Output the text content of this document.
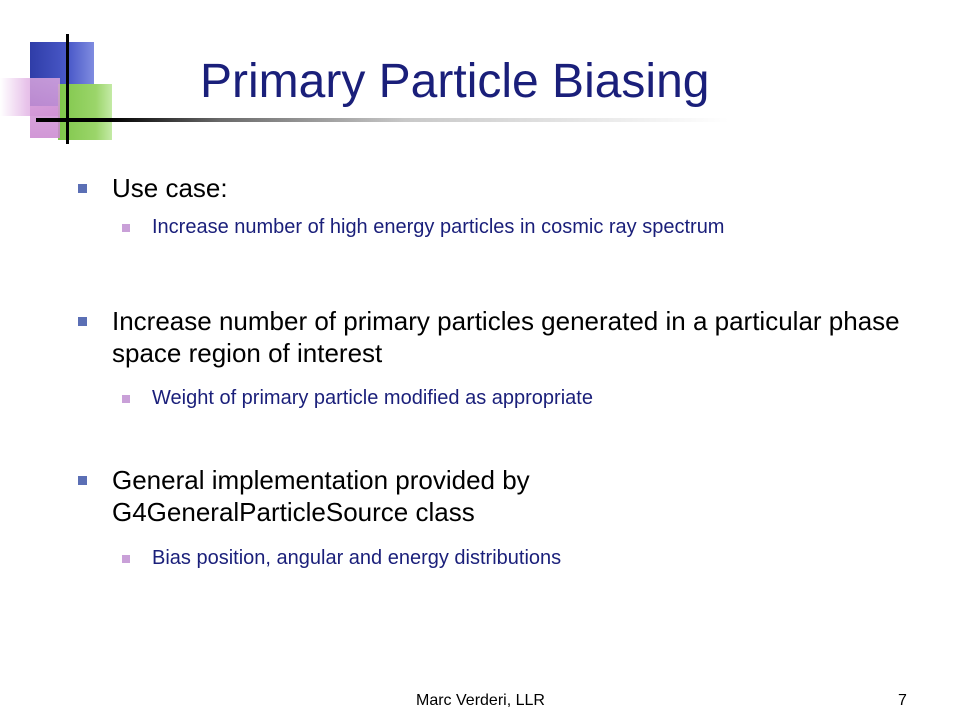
Primary Particle Biasing
Use case:
Increase number of high energy particles in cosmic ray spectrum
Increase number of primary particles generated in a particular phase space region of interest
Weight of primary particle modified as appropriate
General implementation provided by G4GeneralParticleSource class
Bias position, angular and energy distributions
Marc Verderi, LLR	7
